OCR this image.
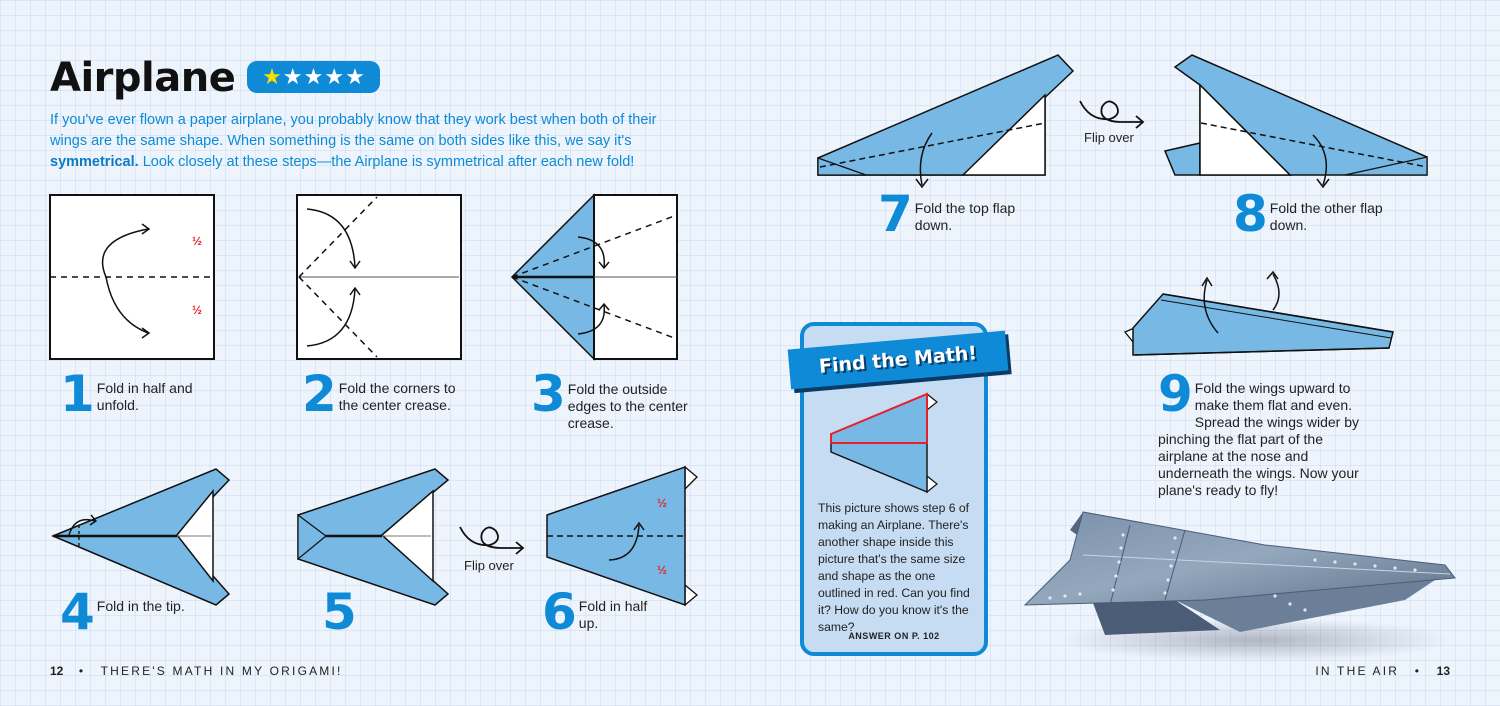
Airplane ★ ★ ★ ★ ★

If you've ever flown a paper airplane, you probably know that they work best when both of their wings are the same shape. When something is the same on both sides like this, we say it's symmetrical. Look closely at these steps—the Airplane is symmetrical after each new fold!

½
½
1 Fold in half and unfold.	2 Fold the corners to the center crease.	3 Fold the outside edges to the center crease.
4 Fold in the tip.	5
Flip over
½
½
6 Fold in half up.
7 Fold the top flap down.
Flip over
8 Fold the other flap down.
9 Fold the wings upward to make them flat and even. Spread the wings wider by pinching the flat part of the airplane at the nose and underneath the wings. Now your plane's ready to fly!
Find the Math!

This picture shows step 6 of making an Airplane. There's another shape inside this picture that's the same size and shape as the one outlined in red. Can you find it? How do you know it's the same?

ANSWER ON P. 102
12 • THERE'S MATH IN MY ORIGAMI!	IN THE AIR • 13
